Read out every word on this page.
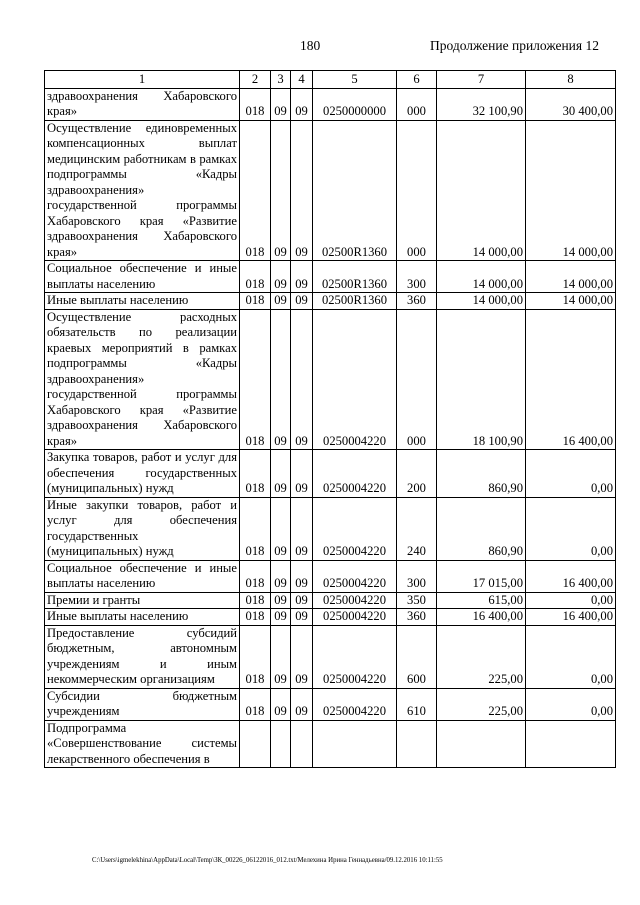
180	Продолжение приложения 12
1	2	3	4	5	6	7	8
здравоохранения Хабаровского края»	018	09	09	0250000000	000	32 100,90	30 400,00
Осуществление единовременных компенсационных выплат медицинским работникам в рамках подпрограммы «Кадры здравоохранения» государственной программы Хабаровского края «Развитие здравоохранения Хабаровского края»	018	09	09	02500R1360	000	14 000,00	14 000,00
Социальное обеспечение и иные выплаты населению	018	09	09	02500R1360	300	14 000,00	14 000,00
Иные выплаты населению	018	09	09	02500R1360	360	14 000,00	14 000,00
Осуществление расходных обязательств по реализации краевых мероприятий в рамках подпрограммы «Кадры здравоохранения» государственной программы Хабаровского края «Развитие здравоохранения Хабаровского края»	018	09	09	0250004220	000	18 100,90	16 400,00
Закупка товаров, работ и услуг для обеспечения государственных (муниципальных) нужд	018	09	09	0250004220	200	860,90	0,00
Иные закупки товаров, работ и услуг для обеспечения государственных (муниципальных) нужд	018	09	09	0250004220	240	860,90	0,00
Социальное обеспечение и иные выплаты населению	018	09	09	0250004220	300	17 015,00	16 400,00
Премии и гранты	018	09	09	0250004220	350	615,00	0,00
Иные выплаты населению	018	09	09	0250004220	360	16 400,00	16 400,00
Предоставление субсидий бюджетным, автономным учреждениям и иным некоммерческим организациям	018	09	09	0250004220	600	225,00	0,00
Субсидии бюджетным учреждениям	018	09	09	0250004220	610	225,00	0,00
Подпрограмма «Совершенствование системы лекарственного обеспечения в							
C:\Users\igmelekhina\AppData\Local\Temp\ЗК_00226_06122016_012.txt/Мелехина Ирина Геннадьевна/09.12.2016 10:11:55
